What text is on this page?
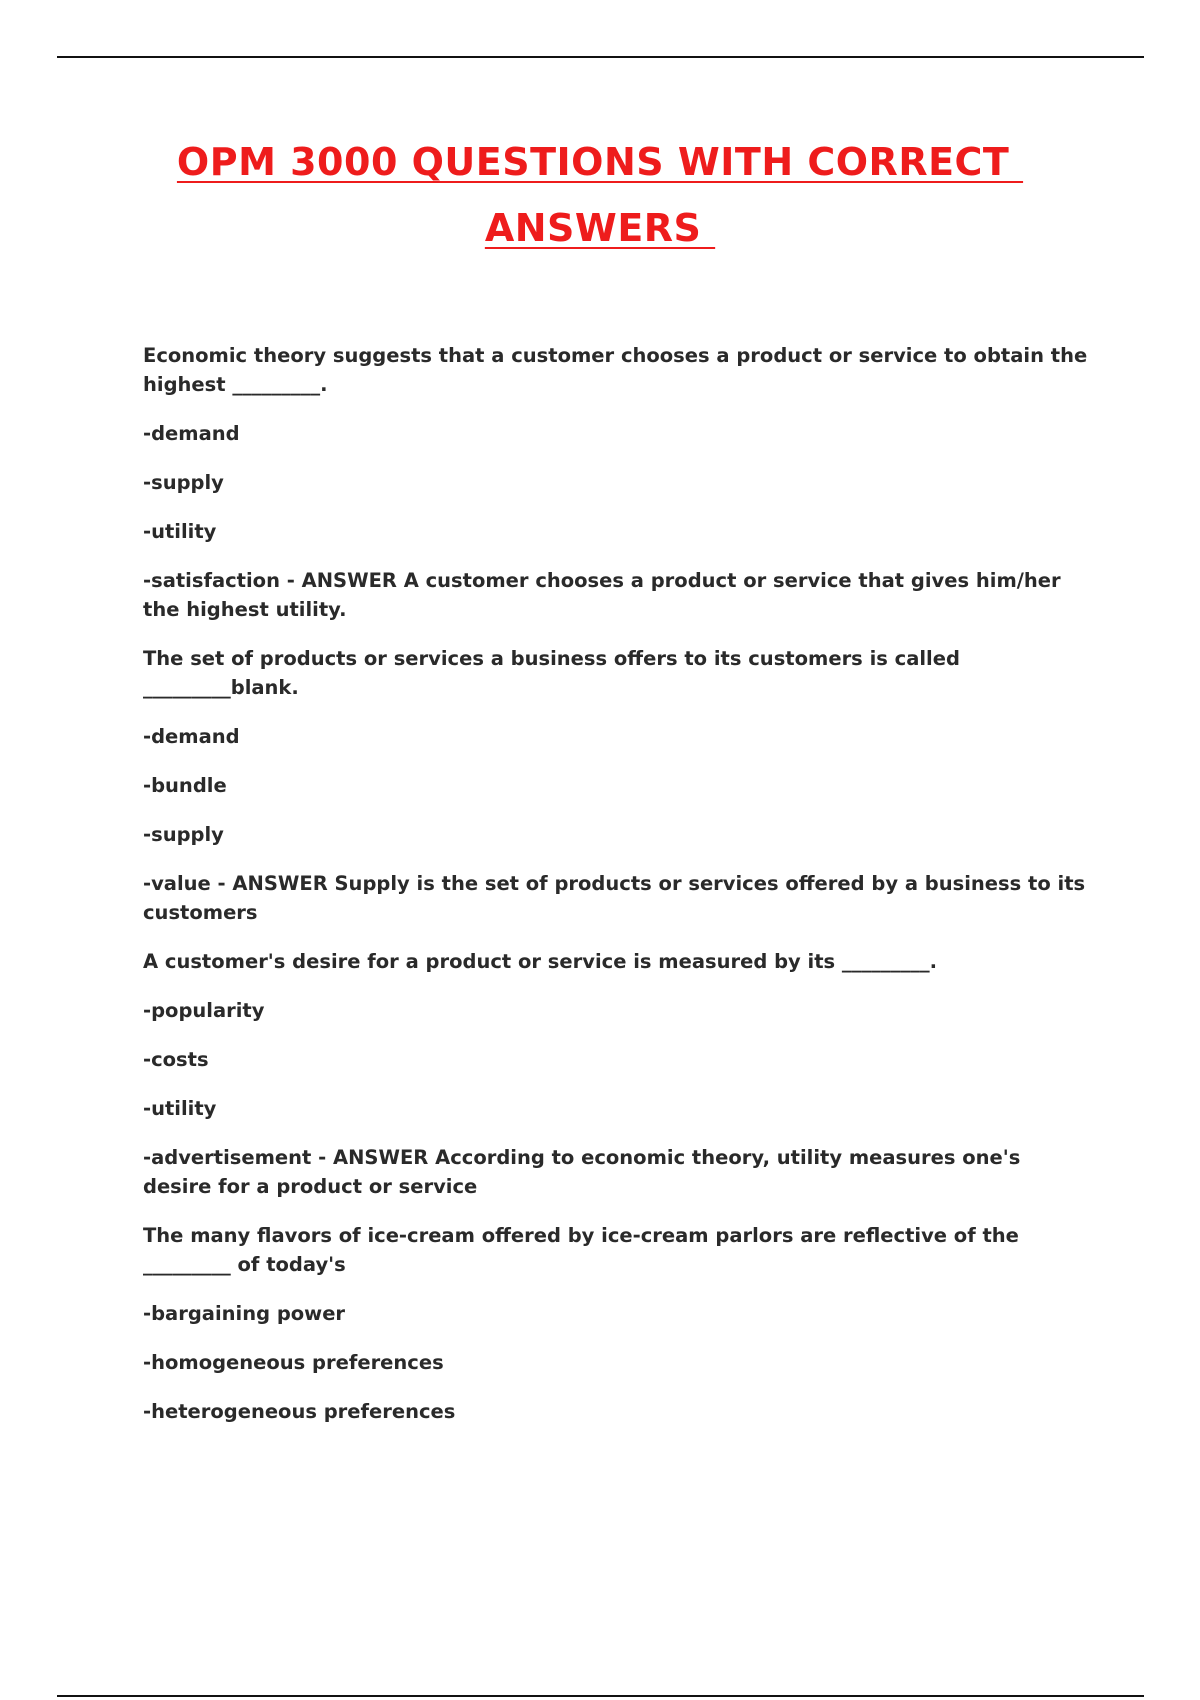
OPM 3000 QUESTIONS WITH CORRECT
ANSWERS

Economic theory suggests that a customer chooses a product or service to obtain the highest _________.

-demand

-supply

-utility

-satisfaction - ANSWER A customer chooses a product or service that gives him/her the highest utility.

The set of products or services a business offers to its customers is called _________blank.

-demand

-bundle

-supply

-value - ANSWER Supply is the set of products or services offered by a business to its customers

A customer's desire for a product or service is measured by its _________.

-popularity

-costs

-utility

-advertisement - ANSWER According to economic theory, utility measures one's desire for a product or service

The many flavors of ice-cream offered by ice-cream parlors are reflective of the _________ of today's

-bargaining power

-homogeneous preferences

-heterogeneous preferences
